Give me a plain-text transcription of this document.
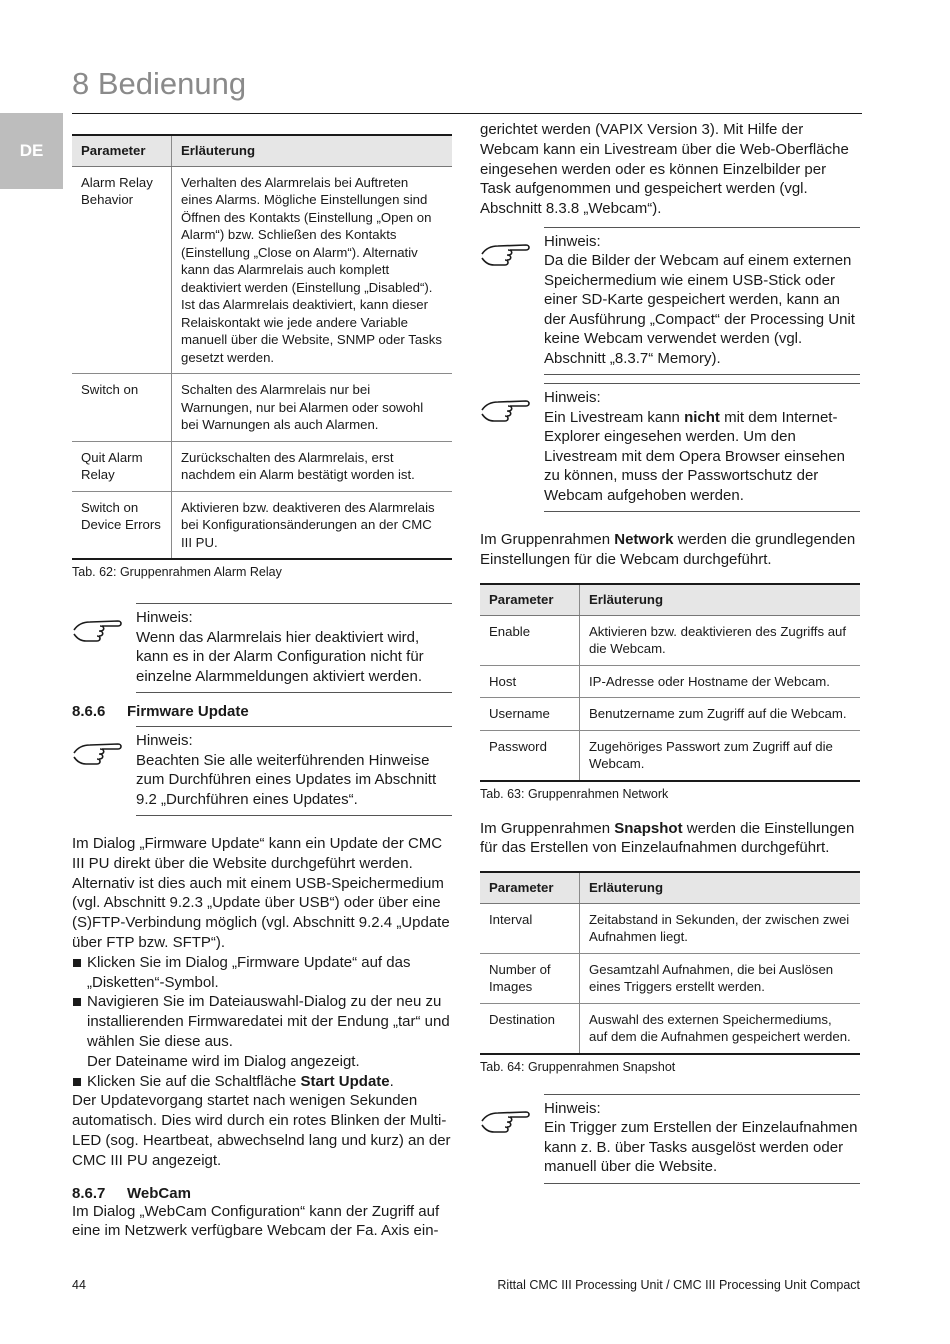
8 Bedienung
DE	Parameter	Erläuterung
Alarm Relay Behavior	Verhalten des Alarmrelais bei Auftreten eines Alarms. Mögliche Einstellungen sind Öffnen des Kontakts (Einstellung „Open on Alarm“) bzw. Schließen des Kontakts (Einstellung „Close on Alarm“). Alternativ kann das Alarmrelais auch komplett deaktiviert werden (Einstellung „Disabled“). Ist das Alarmrelais deaktiviert, kann dieser Relaiskontakt wie jede andere Variable manuell über die Website, SNMP oder Tasks gesetzt werden.
Switch on	Schalten des Alarmrelais nur bei Warnungen, nur bei Alarmen oder sowohl bei Warnungen als auch Alarmen.
Quit Alarm Relay	Zurückschalten des Alarmrelais, erst nachdem ein Alarm bestätigt worden ist.
Switch on Device Errors	Aktivieren bzw. deaktiveren des Alarmrelais bei Konfigurationsänderungen an der CMC III PU.
Tab. 62: Gruppenrahmen Alarm Relay
Hinweis:
Wenn das Alarmrelais hier deaktiviert wird, kann es in der Alarm Configuration nicht für einzelne Alarmmeldungen aktiviert werden.
8.6.6 Firmware Update
Hinweis:
Beachten Sie alle weiterführenden Hinweise zum Durchführen eines Updates im Abschnitt 9.2 „Durchführen eines Updates“.

Im Dialog „Firmware Update“ kann ein Update der CMC III PU direkt über die Website durchgeführt werden. Alternativ ist dies auch mit einem USB-Speichermedium (vgl. Abschnitt 9.2.3 „Update über USB“) oder über eine (S)FTP-Verbindung möglich (vgl. Abschnitt 9.2.4 „Update über FTP bzw. SFTP“).

Klicken Sie im Dialog „Firmware Update“ auf das „Disketten“-Symbol.
Navigieren Sie im Dateiauswahl-Dialog zu der neu zu installierenden Firmwaredatei mit der Endung „tar“ und wählen Sie diese aus.
Der Dateiname wird im Dialog angezeigt.
Klicken Sie auf die Schaltfläche Start Update.

Der Updatevorgang startet nach wenigen Sekunden automatisch. Dies wird durch ein rotes Blinken der Multi-LED (sog. Heartbeat, abwechselnd lang und kurz) an der CMC III PU angezeigt.

8.6.7 WebCam

Im Dialog „WebCam Configuration“ kann der Zugriff auf eine im Netzwerk verfügbare Webcam der Fa. Axis ein-

gerichtet werden (VAPIX Version 3). Mit Hilfe der Webcam kann ein Livestream über die Web-Oberfläche eingesehen werden oder es können Einzelbilder per Task aufgenommen und gespeichert werden (vgl. Abschnitt 8.3.8 „Webcam“).

Hinweis:
Da die Bilder der Webcam auf einem externen Speichermedium wie einem USB-Stick oder einer SD-Karte gespeichert werden, kann an der Ausführung „Compact“ der Processing Unit keine Webcam verwendet werden (vgl. Abschnitt „8.3.7“ Memory).
Hinweis:
Ein Livestream kann nicht mit dem Internet-Explorer eingesehen werden. Um den Livestream mit dem Opera Browser einsehen zu können, muss der Passwortschutz der Webcam aufgehoben werden.

Im Gruppenrahmen Network werden die grundlegenden Einstellungen für die Webcam durchgeführt.

Parameter	Erläuterung
Enable	Aktivieren bzw. deaktivieren des Zugriffs auf die Webcam.
Host	IP-Adresse oder Hostname der Webcam.
Username	Benutzername zum Zugriff auf die Webcam.
Password	Zugehöriges Passwort zum Zugriff auf die Webcam.
Tab. 63: Gruppenrahmen Network

Im Gruppenrahmen Snapshot werden die Einstellungen für das Erstellen von Einzelaufnahmen durchgeführt.

Parameter	Erläuterung
Interval	Zeitabstand in Sekunden, der zwischen zwei Aufnahmen liegt.
Number of Images	Gesamtzahl Aufnahmen, die bei Auslösen eines Triggers erstellt werden.
Destination	Auswahl des externen Speichermediums, auf dem die Aufnahmen gespeichert werden.
Tab. 64: Gruppenrahmen Snapshot
Hinweis:
Ein Trigger zum Erstellen der Einzelaufnahmen kann z. B. über Tasks ausgelöst werden oder manuell über die Website.
44	Rittal CMC III Processing Unit / CMC III Processing Unit Compact
